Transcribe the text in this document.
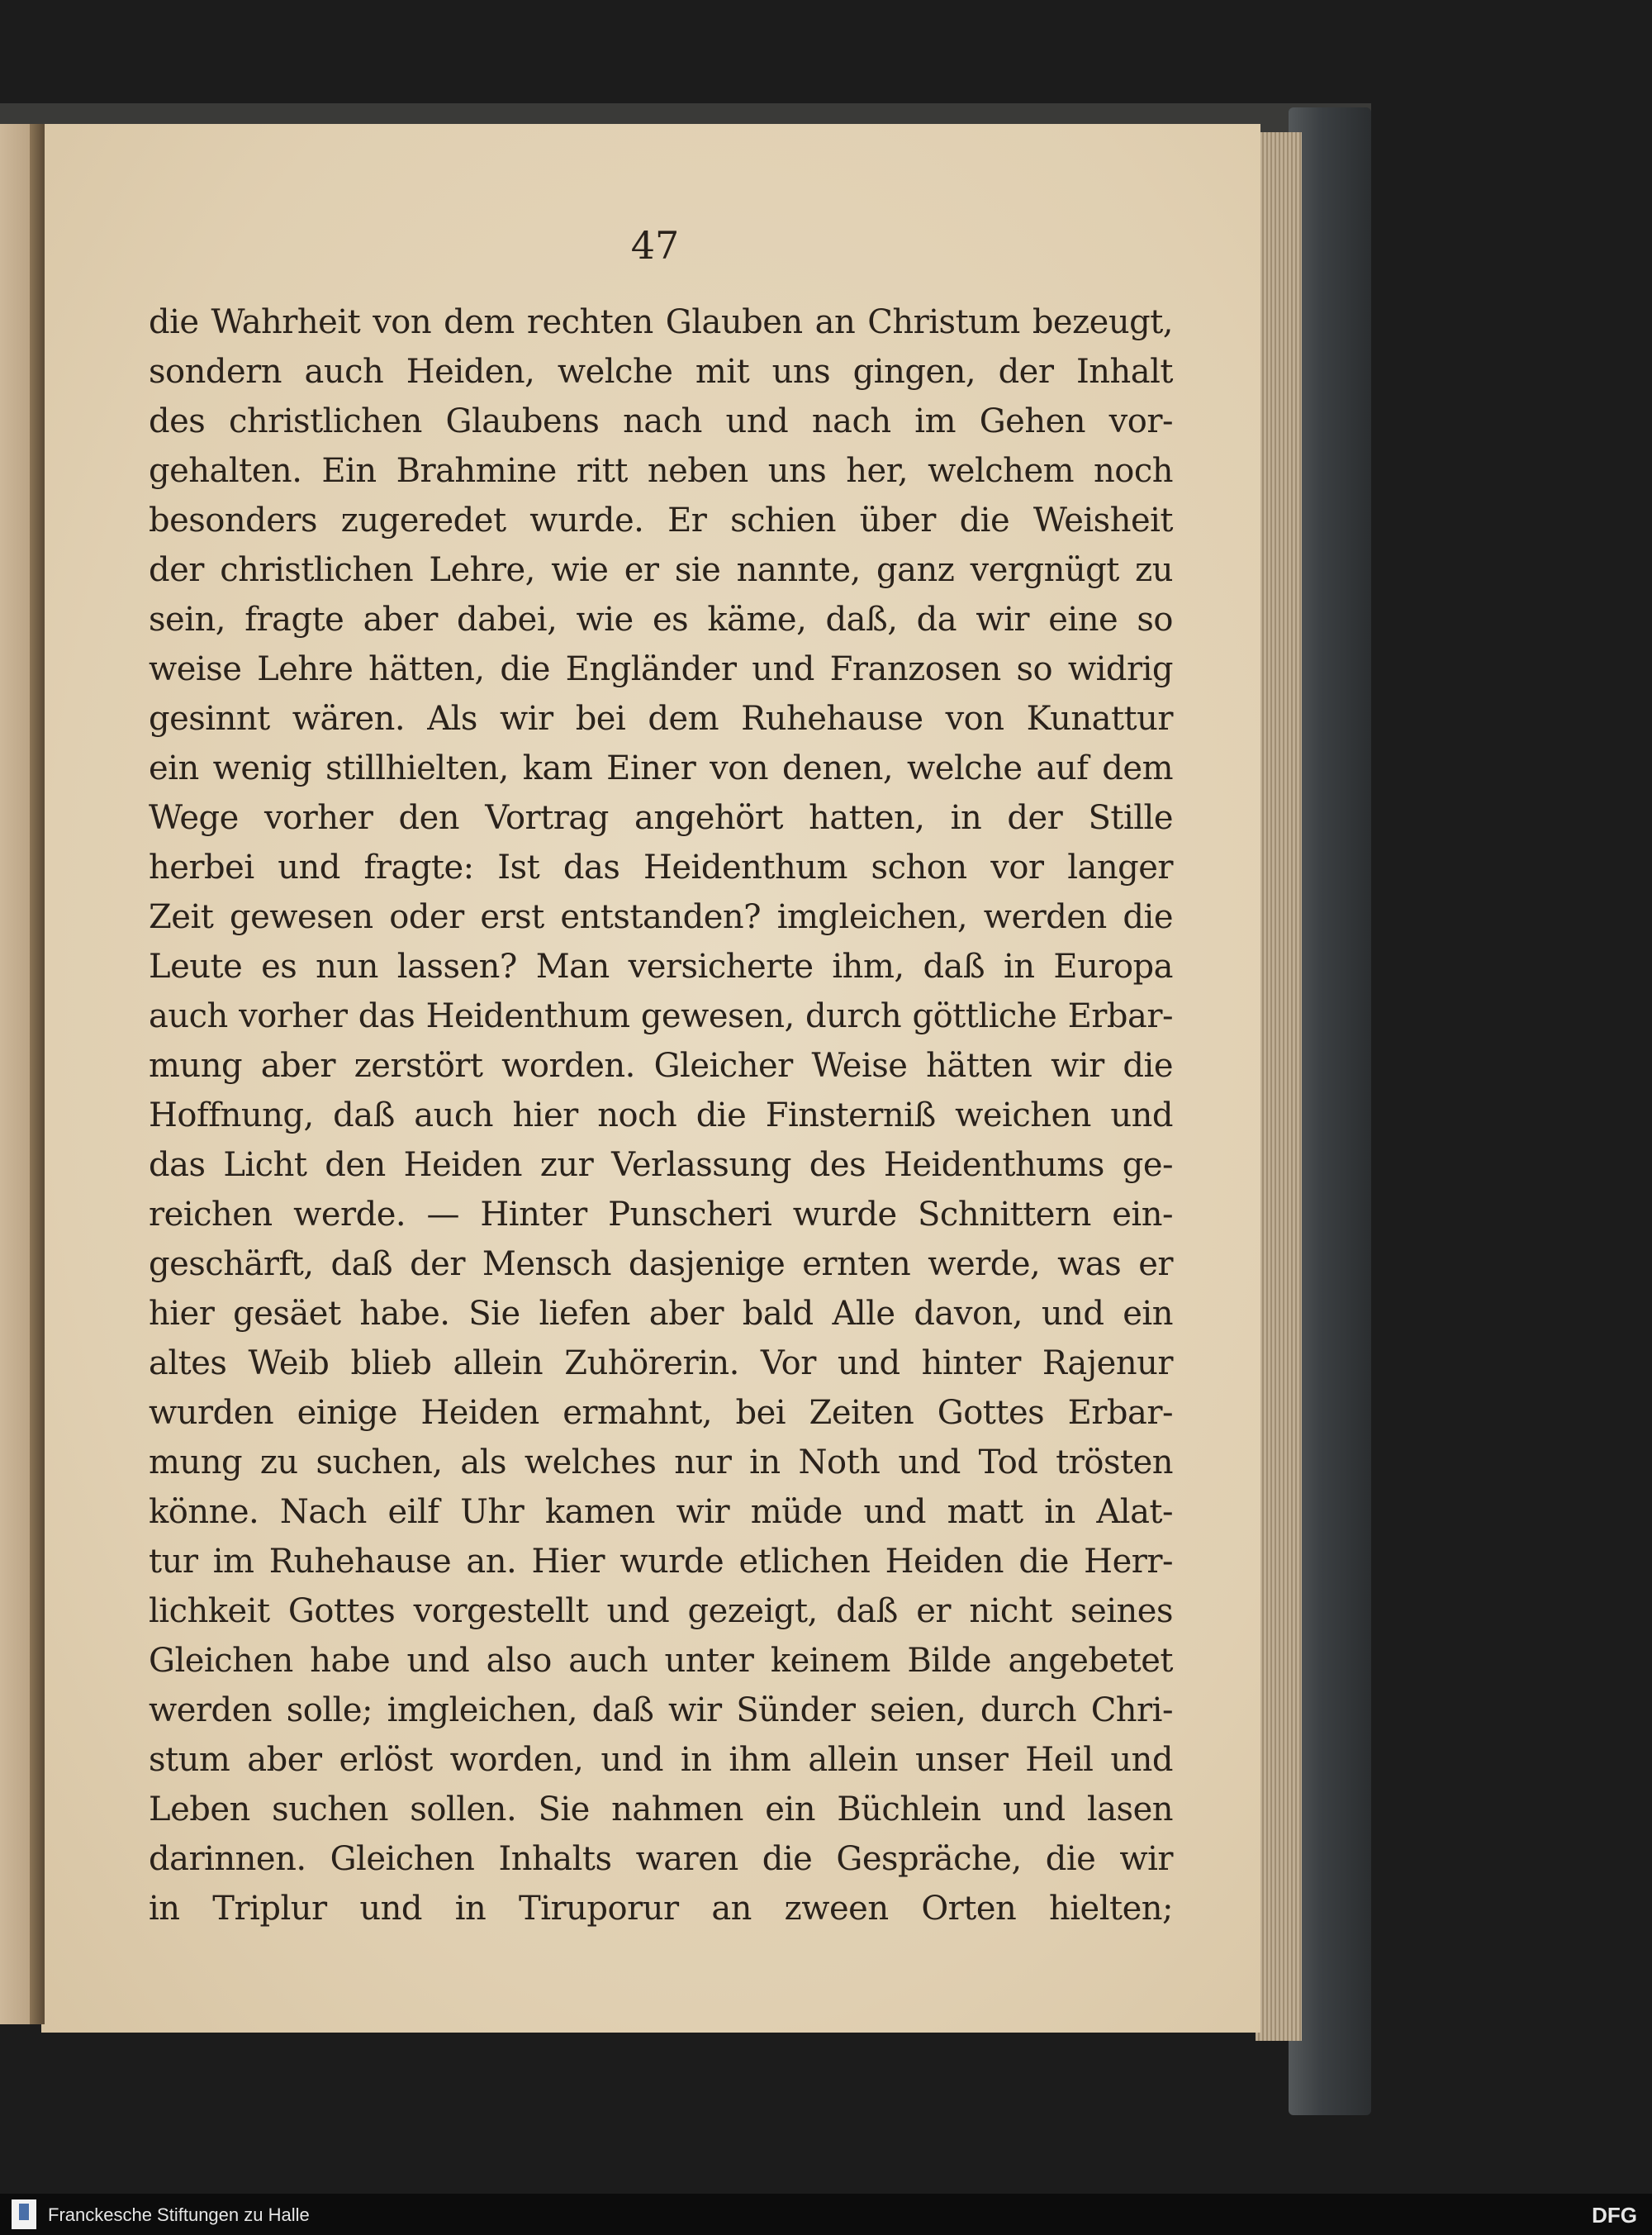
47
die Wahrheit von dem rechten Glauben an Christum bezeugt,
sondern auch Heiden, welche mit uns gingen, der Inhalt
des christlichen Glaubens nach und nach im Gehen vor-
gehalten. Ein Brahmine ritt neben uns her, welchem noch
besonders zugeredet wurde. Er schien über die Weisheit
der christlichen Lehre, wie er sie nannte, ganz vergnügt zu
sein, fragte aber dabei, wie es käme, daß, da wir eine so
weise Lehre hätten, die Engländer und Franzosen so widrig
gesinnt wären. Als wir bei dem Ruhehause von Kunattur
ein wenig stillhielten, kam Einer von denen, welche auf dem
Wege vorher den Vortrag angehört hatten, in der Stille
herbei und fragte: Ist das Heidenthum schon vor langer
Zeit gewesen oder erst entstanden? imgleichen, werden die
Leute es nun lassen? Man versicherte ihm, daß in Europa
auch vorher das Heidenthum gewesen, durch göttliche Erbar-
mung aber zerstört worden. Gleicher Weise hätten wir die
Hoffnung, daß auch hier noch die Finsterniß weichen und
das Licht den Heiden zur Verlassung des Heidenthums ge-
reichen werde. — Hinter Punscheri wurde Schnittern ein-
geschärft, daß der Mensch dasjenige ernten werde, was er
hier gesäet habe. Sie liefen aber bald Alle davon, und ein
altes Weib blieb allein Zuhörerin. Vor und hinter Rajenur
wurden einige Heiden ermahnt, bei Zeiten Gottes Erbar-
mung zu suchen, als welches nur in Noth und Tod trösten
könne. Nach eilf Uhr kamen wir müde und matt in Alat-
tur im Ruhehause an. Hier wurde etlichen Heiden die Herr-
lichkeit Gottes vorgestellt und gezeigt, daß er nicht seines
Gleichen habe und also auch unter keinem Bilde angebetet
werden solle; imgleichen, daß wir Sünder seien, durch Chri-
stum aber erlöst worden, und in ihm allein unser Heil und
Leben suchen sollen. Sie nahmen ein Büchlein und lasen
darinnen. Gleichen Inhalts waren die Gespräche, die wir
in Triplur und in Tiruporur an zween Orten hielten;
Franckesche Stiftungen zu Halle	DFG
